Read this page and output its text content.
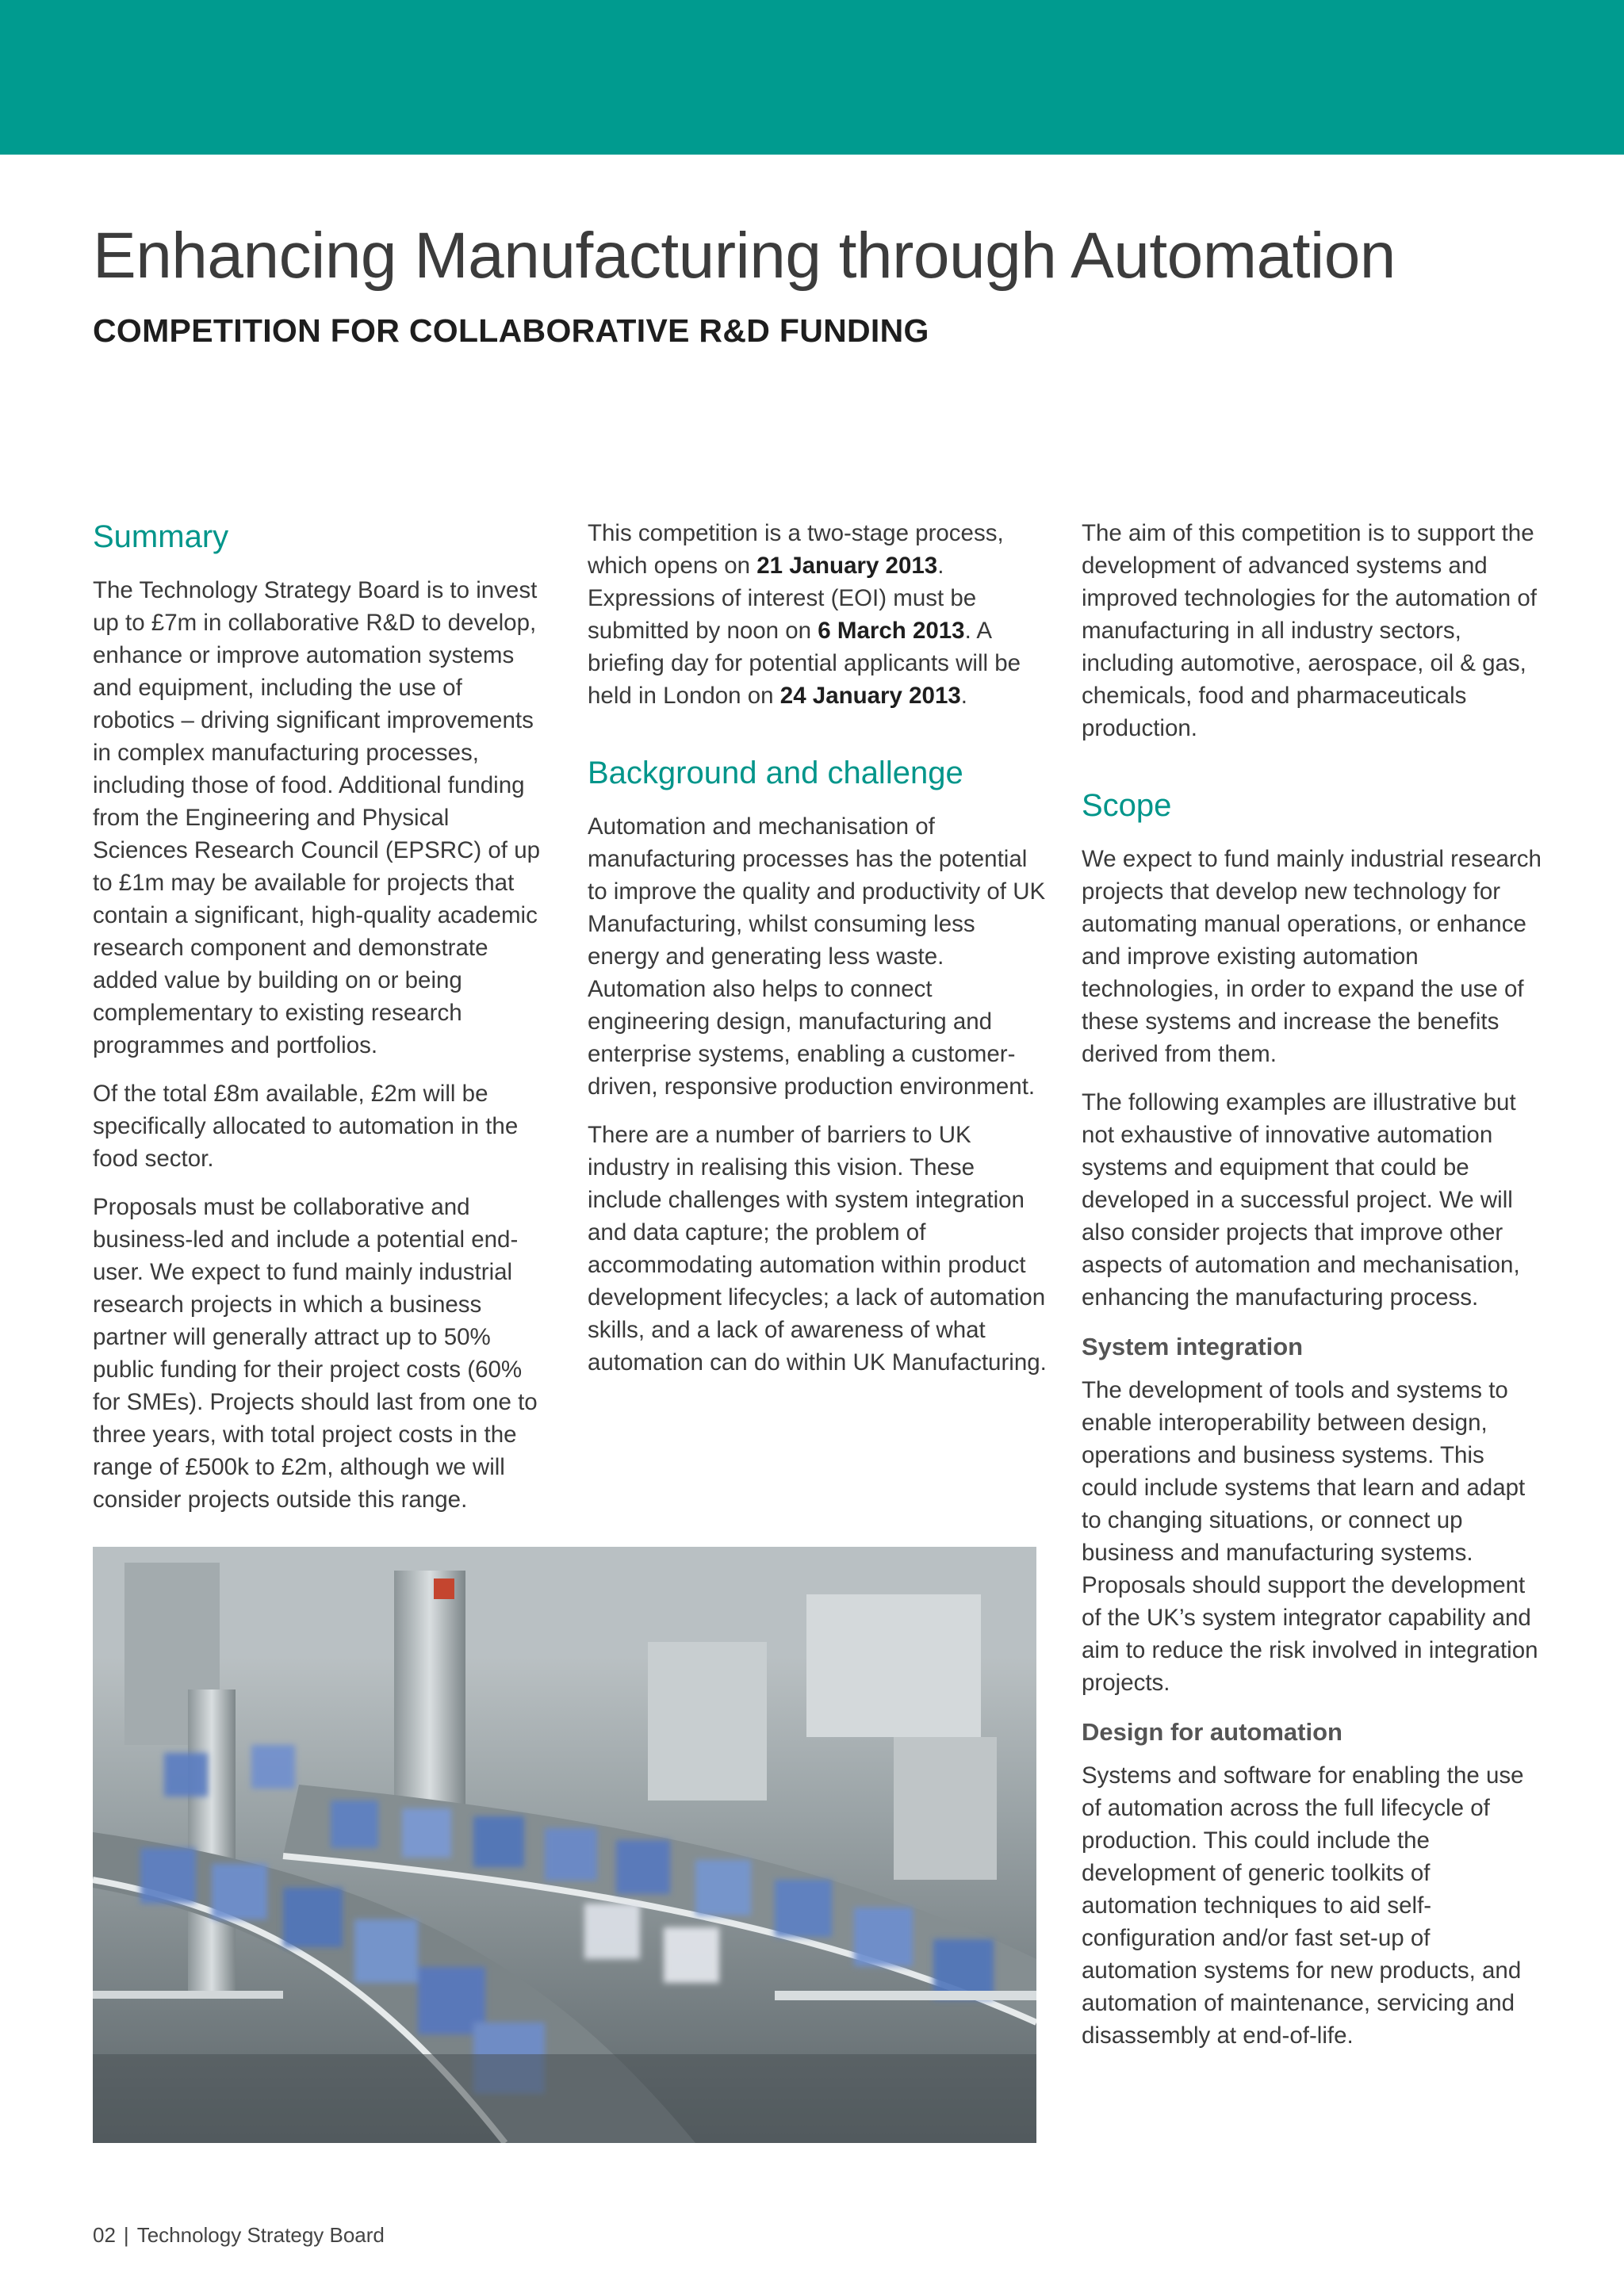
Enhancing Manufacturing through Automation
COMPETITION FOR COLLABORATIVE R&D FUNDING
Summary

The Technology Strategy Board is to invest up to £7m in collaborative R&D to develop, enhance or improve automation systems and equipment, including the use of robotics – driving significant improvements in complex manufacturing processes, including those of food. Additional funding from the Engineering and Physical Sciences Research Council (EPSRC) of up to £1m may be available for projects that contain a significant, high-quality academic research component and demonstrate added value by building on or being complementary to existing research programmes and portfolios.

Of the total £8m available, £2m will be specifically allocated to automation in the food sector.

Proposals must be collaborative and business-led and include a potential end-user. We expect to fund mainly industrial research projects in which a business partner will generally attract up to 50% public funding for their project costs (60% for SMEs). Projects should last from one to three years, with total project costs in the range of £500k to £2m, although we will consider projects outside this range.

This competition is a two-stage process, which opens on 21 January 2013. Expressions of interest (EOI) must be submitted by noon on 6 March 2013. A briefing day for potential applicants will be held in London on 24 January 2013.

Background and challenge

Automation and mechanisation of manufacturing processes has the potential to improve the quality and productivity of UK Manufacturing, whilst consuming less energy and generating less waste. Automation also helps to connect engineering design, manufacturing and enterprise systems, enabling a customer-driven, responsive production environment.

There are a number of barriers to UK industry in realising this vision. These include challenges with system integration and data capture; the problem of accommodating automation within product development lifecycles; a lack of automation skills, and a lack of awareness of what automation can do within UK Manufacturing.

The aim of this competition is to support the development of advanced systems and improved technologies for the automation of manufacturing in all industry sectors, including automotive, aerospace, oil & gas, chemicals, food and pharmaceuticals production.

Scope

We expect to fund mainly industrial research projects that develop new technology for automating manual operations, or enhance and improve existing automation technologies, in order to expand the use of these systems and increase the benefits derived from them.

The following examples are illustrative but not exhaustive of innovative automation systems and equipment that could be developed in a successful project. We will also consider projects that improve other aspects of automation and mechanisation, enhancing the manufacturing process.

System integration

The development of tools and systems to enable interoperability between design, operations and business systems. This could include systems that learn and adapt to changing situations, or connect up business and manufacturing systems. Proposals should support the development of the UK’s system integrator capability and aim to reduce the risk involved in integration projects.

Design for automation

Systems and software for enabling the use of automation across the full lifecycle of production. This could include the development of generic toolkits of automation techniques to aid self-configuration and/or fast set-up of automation systems for new products, and automation of maintenance, servicing and disassembly at end-of-life.

02 | Technology Strategy Board
